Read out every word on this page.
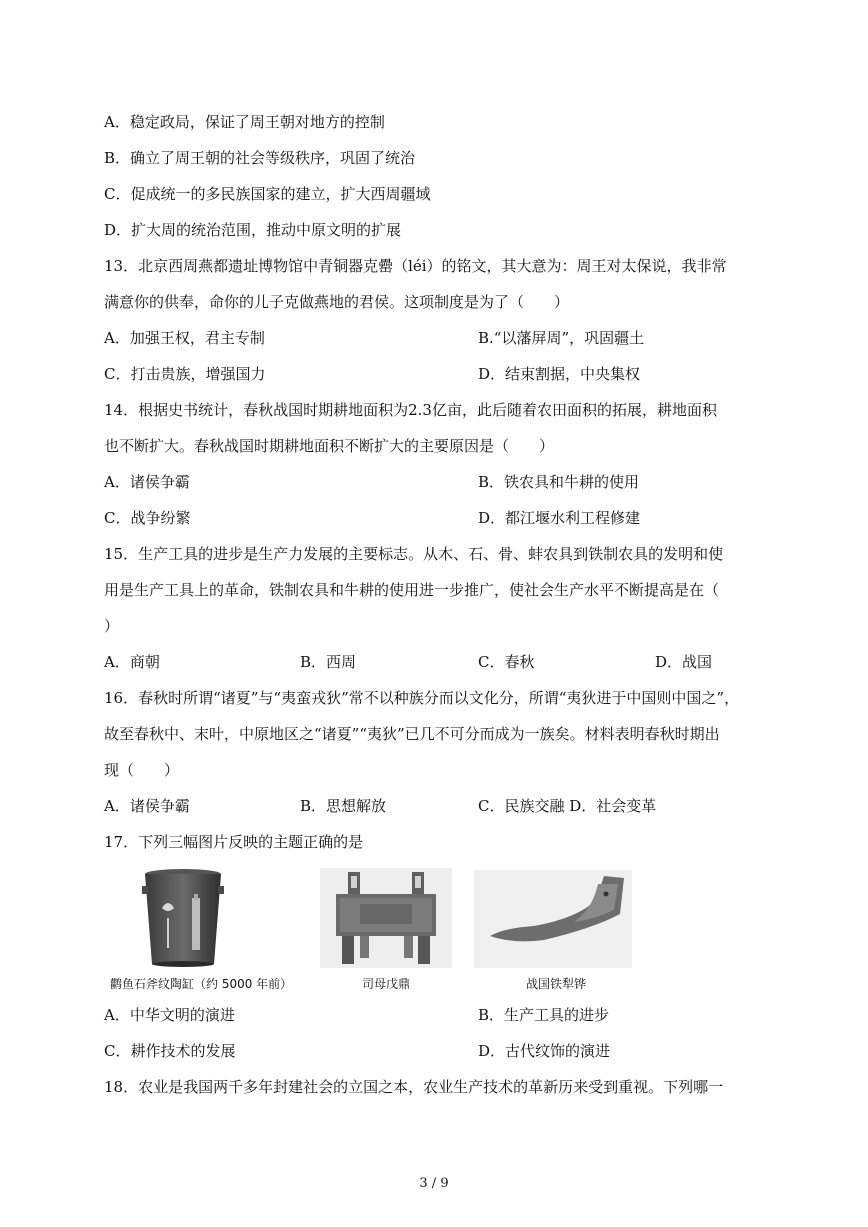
A．稳定政局，保证了周王朝对地方的控制
B．确立了周王朝的社会等级秩序，巩固了统治
C．促成统一的多民族国家的建立，扩大西周疆域
D．扩大周的统治范围，推动中原文明的扩展
13．北京西周燕都遗址博物馆中青铜器克罍（léi）的铭文，其大意为：周王对太保说，我非常
满意你的供奉，命你的儿子克做燕地的君侯。这项制度是为了（　　）
A．加强王权，君主专制	B.“以藩屏周”，巩固疆土
C．打击贵族，增强国力	D．结束割据，中央集权
14．根据史书统计，春秋战国时期耕地面积为2.3亿亩，此后随着农田面积的拓展，耕地面积
也不断扩大。春秋战国时期耕地面积不断扩大的主要原因是（　　）
A．诸侯争霸	B．铁农具和牛耕的使用
C．战争纷繁	D．都江堰水利工程修建
15．生产工具的进步是生产力发展的主要标志。从木、石、骨、蚌农具到铁制农具的发明和使
用是生产工具上的革命，铁制农具和牛耕的使用进一步推广，使社会生产水平不断提高是在（
）
A．商朝	B．西周	C．春秋	D．战国
16．春秋时所谓“诸夏”与“夷蛮戎狄”常不以种族分而以文化分，所谓“夷狄进于中国则中国之”，
故至春秋中、末叶，中原地区之“诸夏”“夷狄”已几不可分而成为一族矣。材料表明春秋时期出
现（　　）
A．诸侯争霸	B．思想解放	C．民族交融 D．社会变革
17．下列三幅图片反映的主题正确的是
鹳鱼石斧纹陶缸（约 5000 年前）	司母戊鼎	战国铁犁铧
A．中华文明的演进	B．生产工具的进步
C．耕作技术的发展	D．古代纹饰的演进
18．农业是我国两千多年封建社会的立国之本，农业生产技术的革新历来受到重视。下列哪一
3 / 9
